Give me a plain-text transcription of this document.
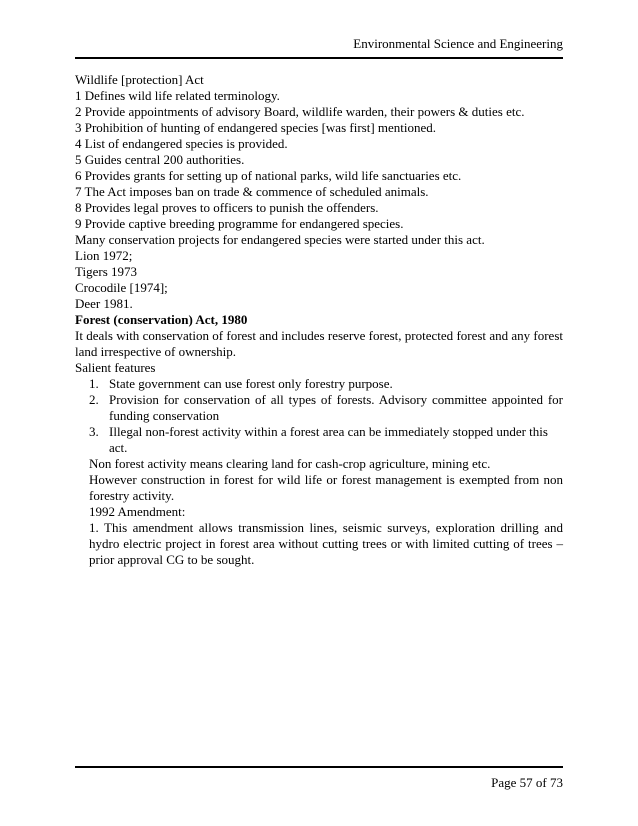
Environmental Science and Engineering

Wildlife [protection] Act

1 Defines wild life related terminology.

2 Provide appointments of advisory Board, wildlife warden, their powers & duties etc.

3 Prohibition of hunting of endangered species [was first] mentioned.

4 List of endangered species is provided.

5 Guides central 200 authorities.

6 Provides grants for setting up of national parks, wild life sanctuaries etc.

7 The Act imposes ban on trade & commence of scheduled animals.

8 Provides legal proves to officers to punish the offenders.

9 Provide captive breeding programme for endangered species.

Many conservation projects for endangered species were started under this act.

Lion 1972;

Tigers 1973

Crocodile [1974];

Deer 1981.

Forest (conservation) Act, 1980

It deals with conservation of forest and includes reserve forest, protected forest and any forest land irrespective of ownership.

Salient features

1. State government can use forest only forestry purpose.
2. Provision for conservation of all types of forests. Advisory committee appointed for funding conservation
3. Illegal non-forest activity within a forest area can be immediately stopped under this act.

Non forest activity means clearing land for cash-crop agriculture, mining etc.

However construction in forest for wild life or forest management is exempted from non forestry activity.

1992 Amendment:

1. This amendment allows transmission lines, seismic surveys, exploration drilling and hydro electric project in forest area without cutting trees or with limited cutting of trees – prior approval CG to be sought.

Page 57 of 73
